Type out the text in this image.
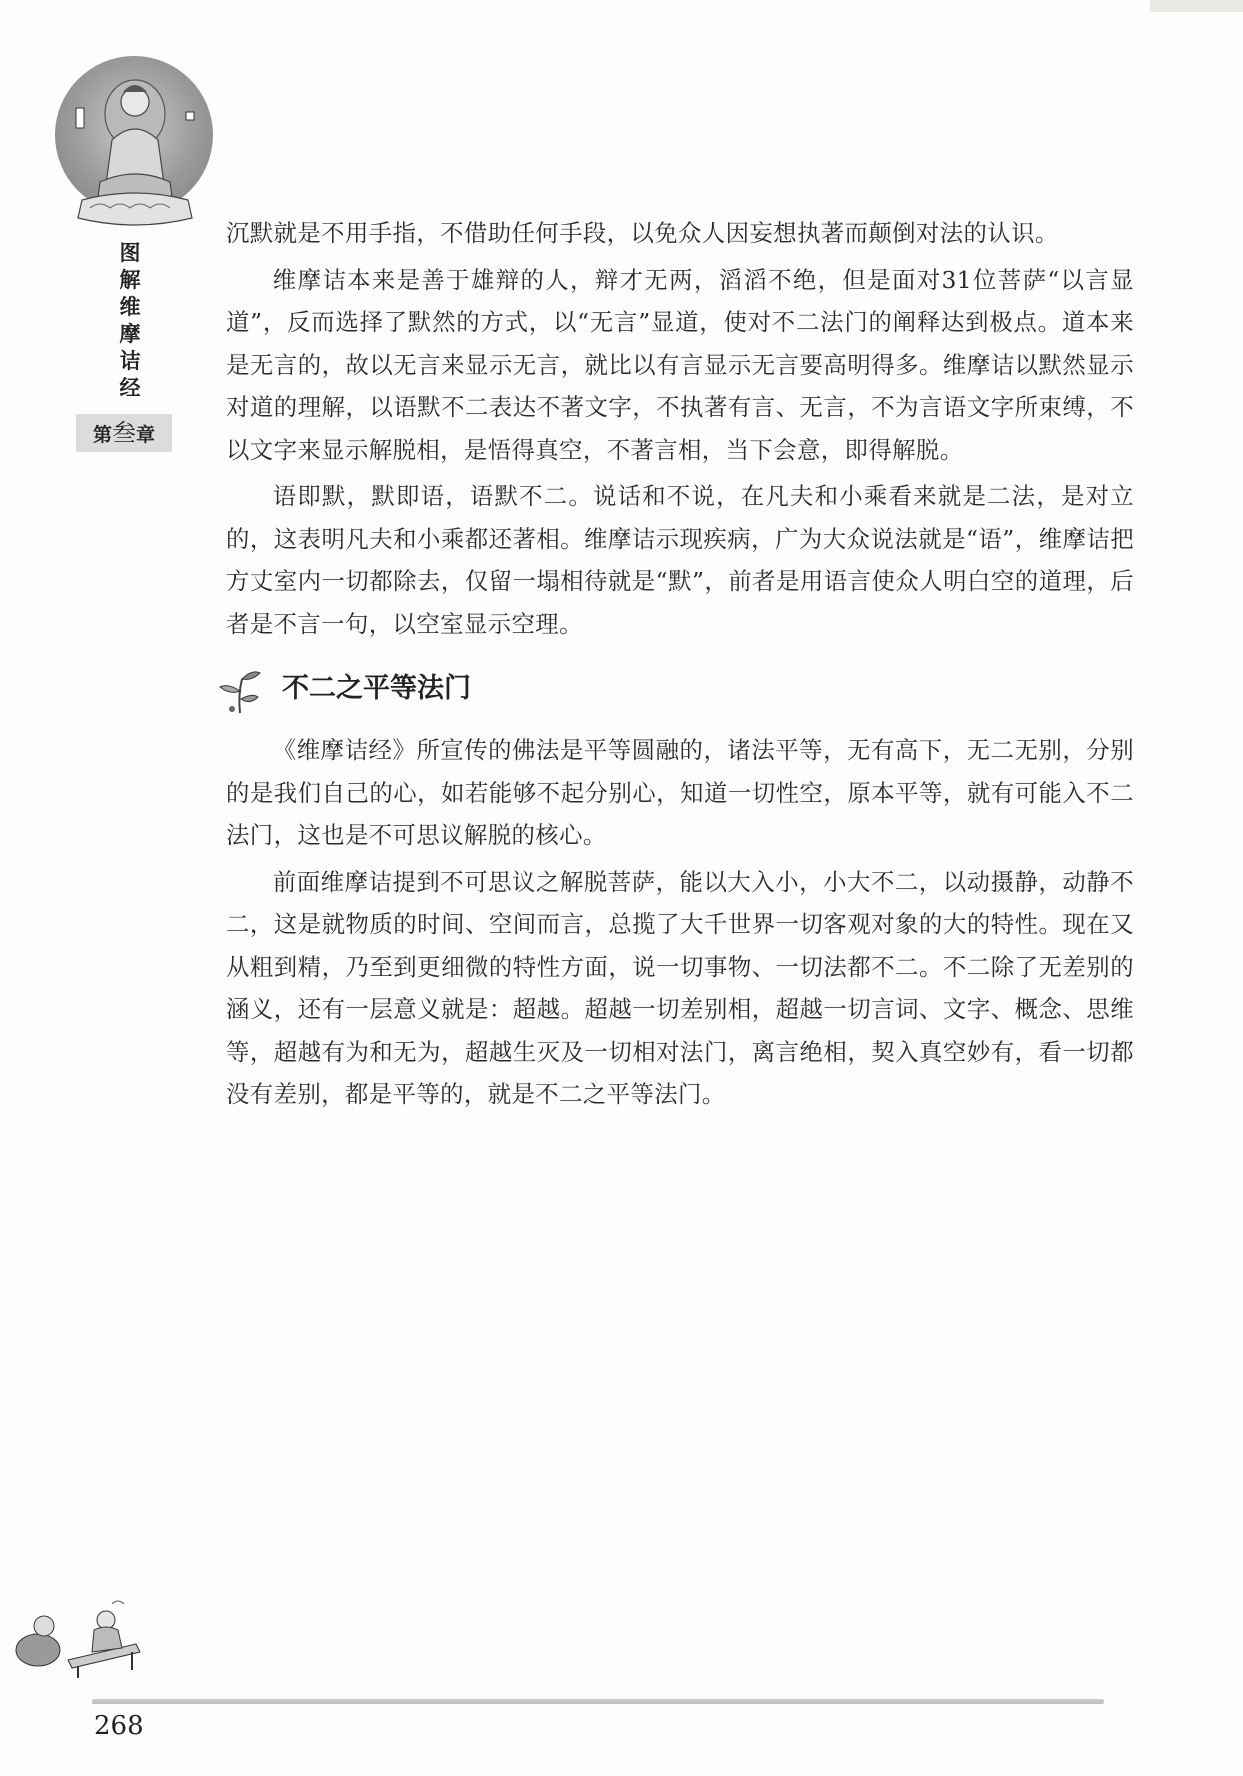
图
解
维
摩
诘
经
第叁章

沉默就是不用手指，不借助任何手段，以免众人因妄想执著而颠倒对法的认识。

维摩诘本来是善于雄辩的人，辩才无两，滔滔不绝，但是面对31位菩萨“以言显道”，反而选择了默然的方式，以“无言”显道，使对不二法门的阐释达到极点。道本来是无言的，故以无言来显示无言，就比以有言显示无言要高明得多。维摩诘以默然显示对道的理解，以语默不二表达不著文字，不执著有言、无言，不为言语文字所束缚，不以文字来显示解脱相，是悟得真空，不著言相，当下会意，即得解脱。

语即默，默即语，语默不二。说话和不说，在凡夫和小乘看来就是二法，是对立的，这表明凡夫和小乘都还著相。维摩诘示现疾病，广为大众说法就是“语”，维摩诘把方丈室内一切都除去，仅留一塌相待就是“默”，前者是用语言使众人明白空的道理，后者是不言一句，以空室显示空理。

不二之平等法门

《维摩诘经》所宣传的佛法是平等圆融的，诸法平等，无有高下，无二无别，分别的是我们自己的心，如若能够不起分别心，知道一切性空，原本平等，就有可能入不二法门，这也是不可思议解脱的核心。

前面维摩诘提到不可思议之解脱菩萨，能以大入小，小大不二，以动摄静，动静不二，这是就物质的时间、空间而言，总揽了大千世界一切客观对象的大的特性。现在又从粗到精，乃至到更细微的特性方面，说一切事物、一切法都不二。不二除了无差别的涵义，还有一层意义就是：超越。超越一切差别相，超越一切言词、文字、概念、思维等，超越有为和无为，超越生灭及一切相对法门，离言绝相，契入真空妙有，看一切都没有差别，都是平等的，就是不二之平等法门。

268
